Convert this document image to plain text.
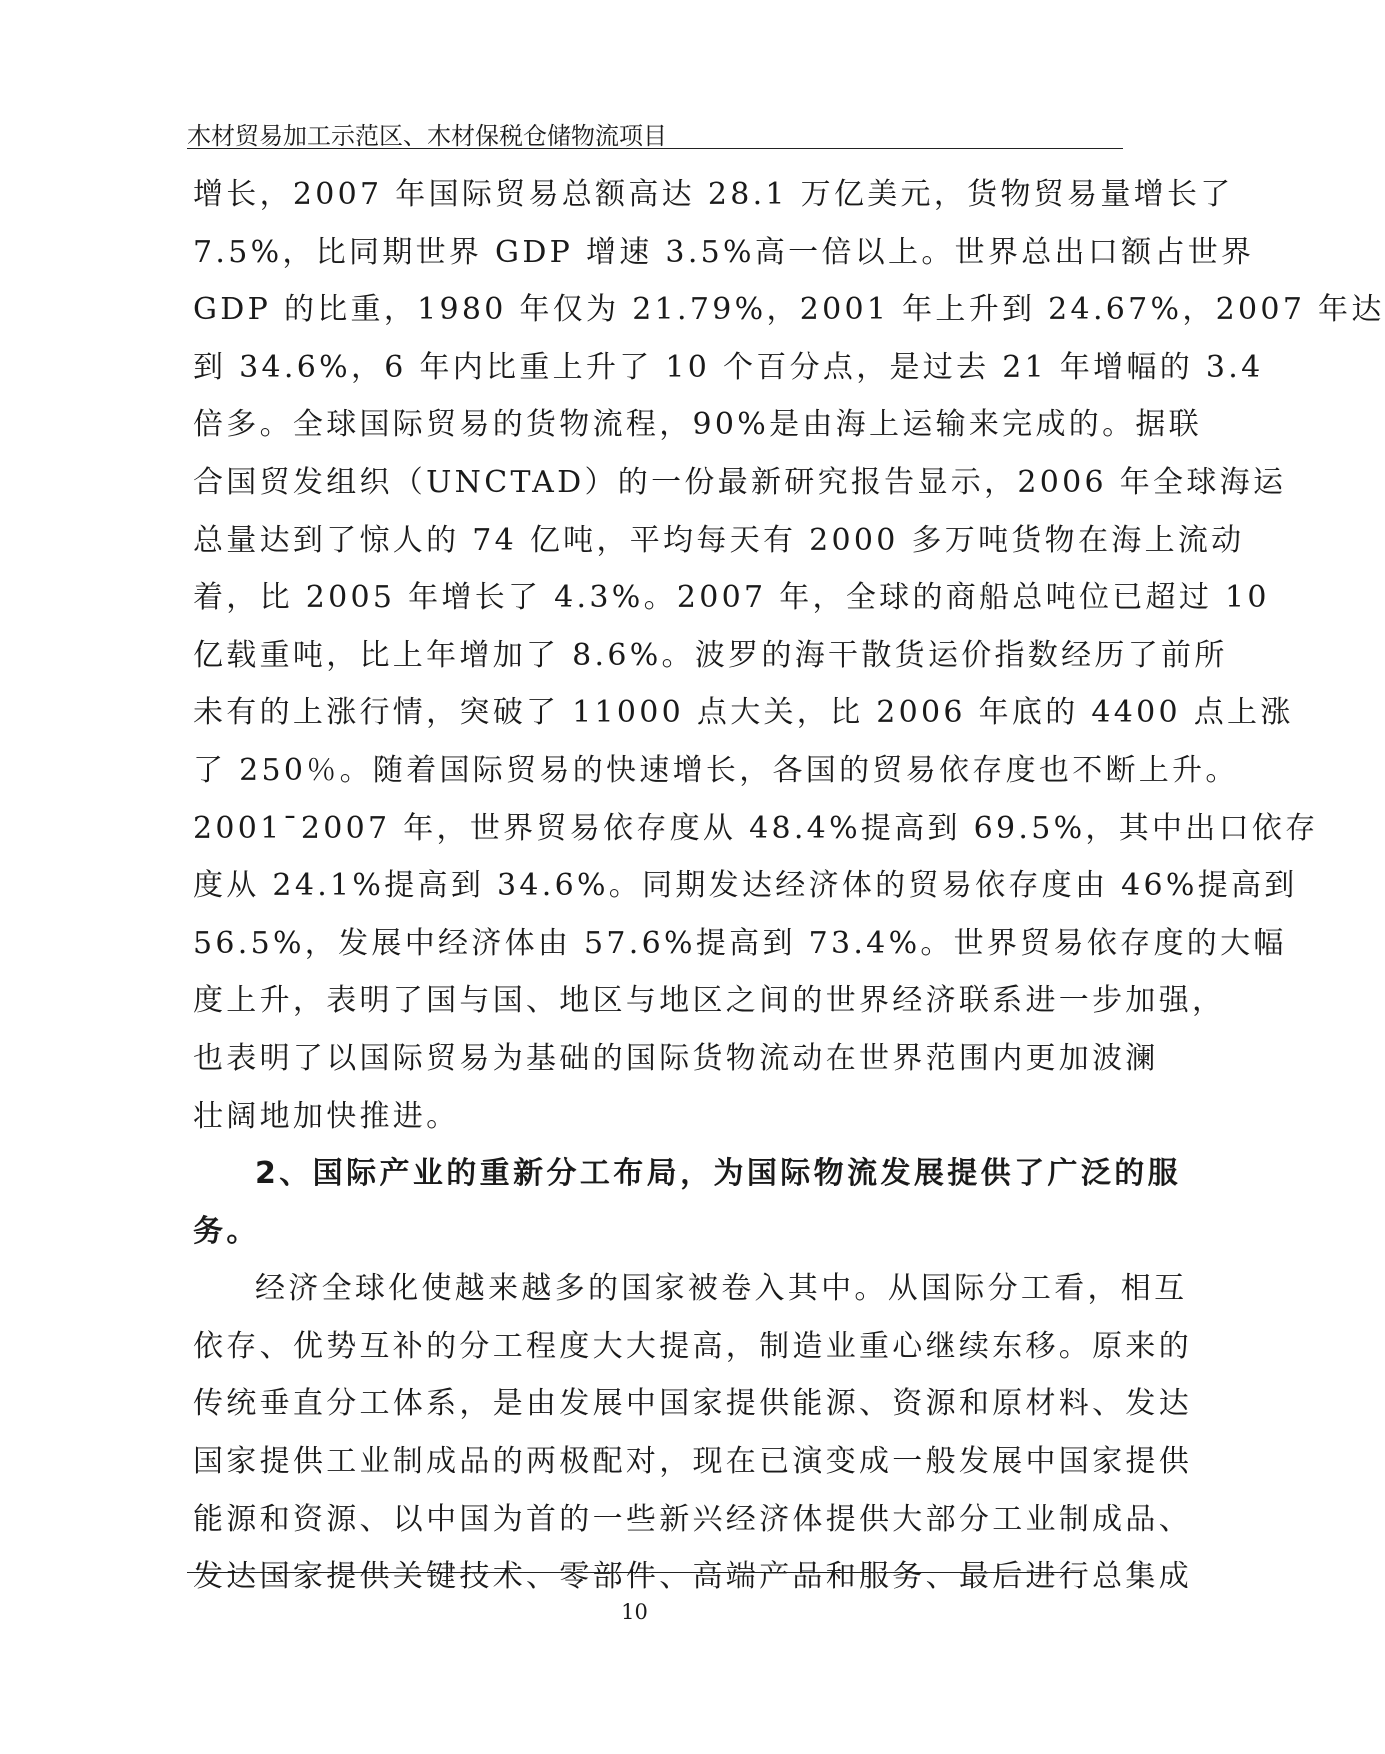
木材贸易加工示范区、木材保税仓储物流项目
增长，2007 年国际贸易总额高达 28.1 万亿美元，货物贸易量增长了
7.5%，比同期世界 GDP 增速 3.5%高一倍以上。世界总出口额占世界
GDP 的比重，1980 年仅为 21.79%，2001 年上升到 24.67%，2007 年达
到 34.6%，6 年内比重上升了 10 个百分点，是过去 21 年增幅的 3.4
倍多。全球国际贸易的货物流程，90%是由海上运输来完成的。据联
合国贸发组织（UNCTAD）的一份最新研究报告显示，2006 年全球海运
总量达到了惊人的 74 亿吨，平均每天有 2000 多万吨货物在海上流动
着，比 2005 年增长了 4.3%。2007 年，全球的商船总吨位已超过 10
亿载重吨，比上年增加了 8.6%。波罗的海干散货运价指数经历了前所
未有的上涨行情，突破了 11000 点大关，比 2006 年底的 4400 点上涨
了 250％。随着国际贸易的快速增长，各国的贸易依存度也不断上升。
2001¯2007 年，世界贸易依存度从 48.4%提高到 69.5%，其中出口依存
度从 24.1%提高到 34.6%。同期发达经济体的贸易依存度由 46%提高到
56.5%，发展中经济体由 57.6%提高到 73.4%。世界贸易依存度的大幅
度上升，表明了国与国、地区与地区之间的世界经济联系进一步加强，
也表明了以国际贸易为基础的国际货物流动在世界范围内更加波澜
壮阔地加快推进。
2、国际产业的重新分工布局，为国际物流发展提供了广泛的服
务。
经济全球化使越来越多的国家被卷入其中。从国际分工看，相互
依存、优势互补的分工程度大大提高，制造业重心继续东移。原来的
传统垂直分工体系，是由发展中国家提供能源、资源和原材料、发达
国家提供工业制成品的两极配对，现在已演变成一般发展中国家提供
能源和资源、以中国为首的一些新兴经济体提供大部分工业制成品、
发达国家提供关键技术、零部件、高端产品和服务、最后进行总集成
10
